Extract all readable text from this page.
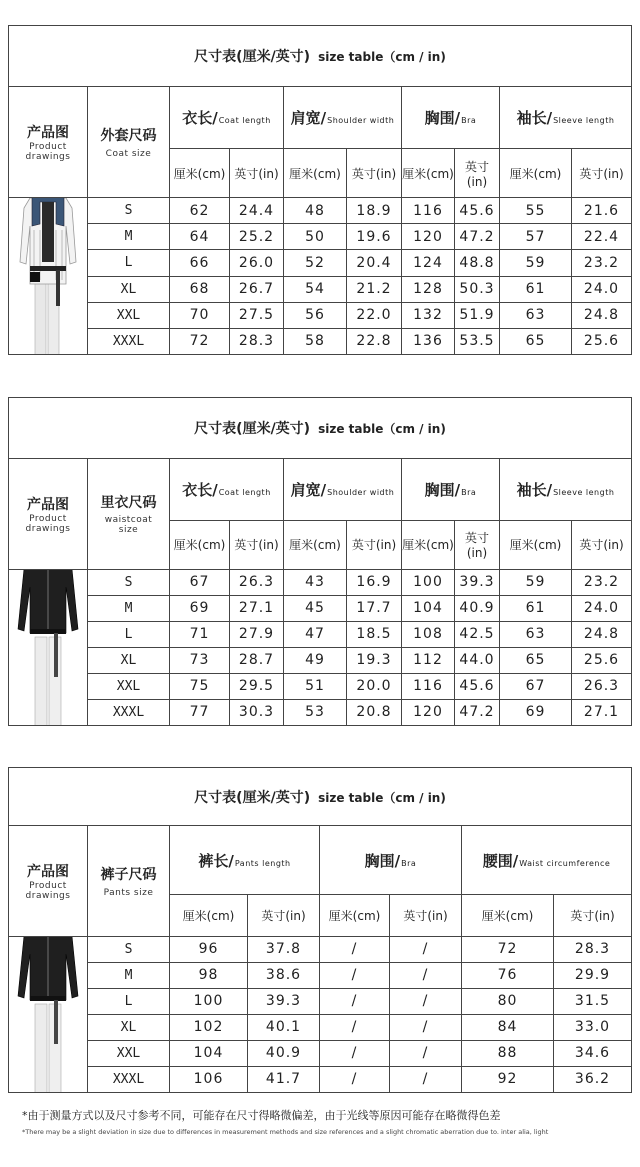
尺寸表(厘米/英寸) size table（cm / in)									

产品图
Product drawings	外套尺码
Coat size	衣长/Coat length		肩宽/Shoulder width		胸围/Bra		袖长/Sleeve length	
		厘米(cm)	英寸(in)	厘米(cm)	英寸(in)	厘米(cm)	英寸(in)	厘米(cm)	英寸(in)

	S	62	24.4	48	18.9	116	45.6	55	21.6
	M	64	25.2	50	19.6	120	47.2	57	22.4
	L	66	26.0	52	20.4	124	48.8	59	23.2
	XL	68	26.7	54	21.2	128	50.3	61	24.0
	XXL	70	27.5	56	22.0	132	51.9	63	24.8
	XXXL	72	28.3	58	22.8	136	53.5	65	25.6
尺寸表(厘米/英寸) size table（cm / in)									

产品图
Product drawings	里衣尺码
waistcoat size	衣长/Coat length		肩宽/Shoulder width		胸围/Bra		袖长/Sleeve length	
		厘米(cm)	英寸(in)	厘米(cm)	英寸(in)	厘米(cm)	英寸(in)	厘米(cm)	英寸(in)

	S	67	26.3	43	16.9	100	39.3	59	23.2
	M	69	27.1	45	17.7	104	40.9	61	24.0
	L	71	27.9	47	18.5	108	42.5	63	24.8
	XL	73	28.7	49	19.3	112	44.0	65	25.6
	XXL	75	29.5	51	20.0	116	45.6	67	26.3
	XXXL	77	30.3	53	20.8	120	47.2	69	27.1
尺寸表(厘米/英寸) size table（cm / in)							

产品图
Product drawings	裤子尺码
Pants size	裤长/Pants length		胸围/Bra		腰围/Waist circumference	
		厘米(cm)	英寸(in)	厘米(cm)	英寸(in)	厘米(cm)	英寸(in)

	S	96	37.8	/	/	72	28.3
	M	98	38.6	/	/	76	29.9
	L	100	39.3	/	/	80	31.5
	XL	102	40.1	/	/	84	33.0
	XXL	104	40.9	/	/	88	34.6
	XXXL	106	41.7	/	/	92	36.2
*由于测量方式以及尺寸参考不同，可能存在尺寸得略微偏差，由于光线等原因可能存在略微得色差
*There may be a slight deviation in size due to differences in measurement methods and size references and a slight chromatic aberration due to. inter alia, light
